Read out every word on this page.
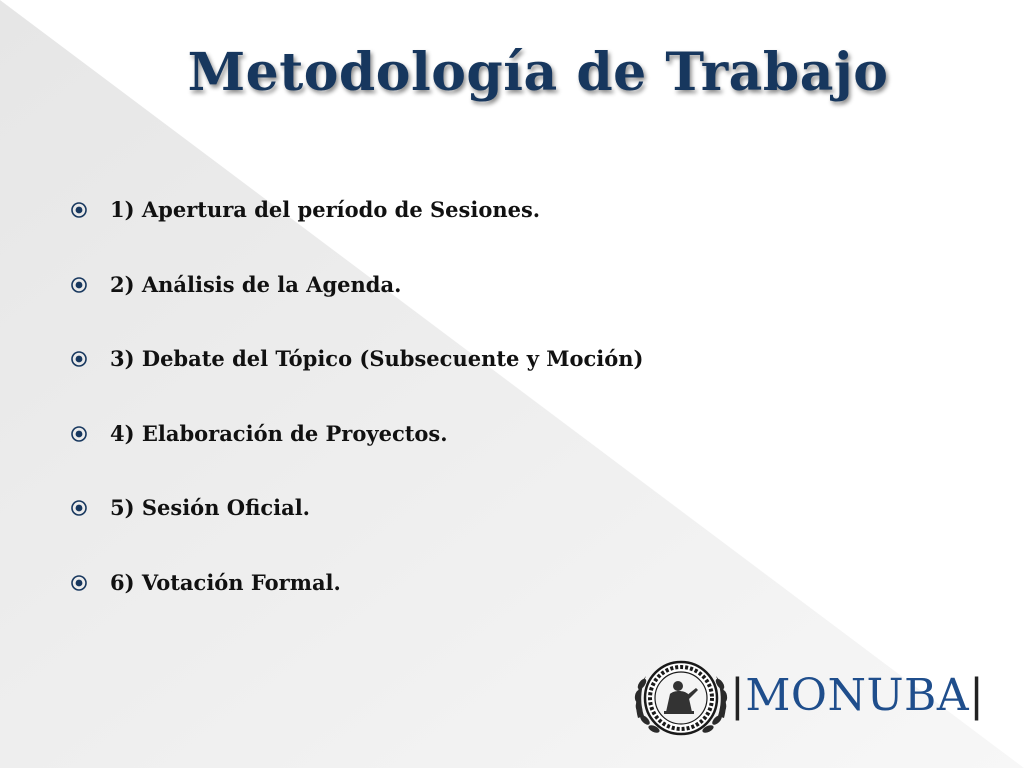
Metodología de Trabajo
1) Apertura del período de Sesiones.
2) Análisis de la Agenda.
3) Debate del Tópico (Subsecuente y Moción)
4) Elaboración de Proyectos.
5) Sesión Oficial.
6) Votación Formal.
|MONUBA|
